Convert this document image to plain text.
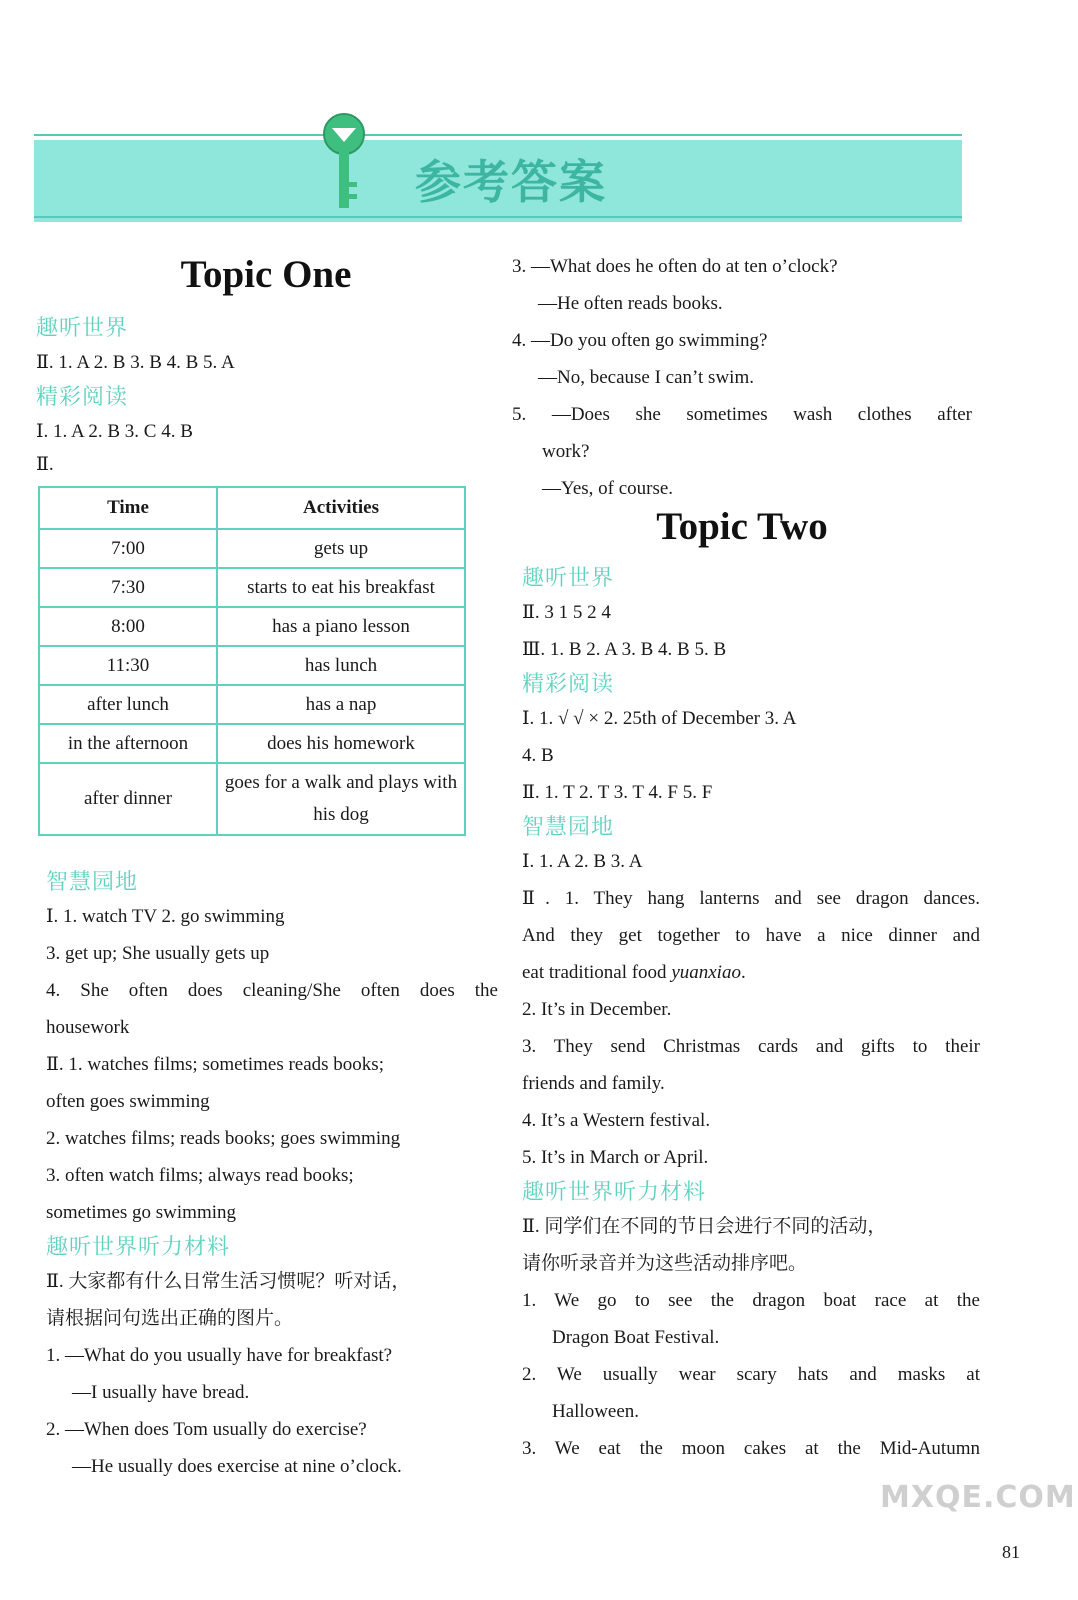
参考答案

Topic One

趣听世界

Ⅱ. 1. A 2. B 3. B 4. B 5. A

精彩阅读

Ⅰ. 1. A 2. B 3. C 4. B

Ⅱ.

Time	Activities
7:00	gets up
7:30	starts to eat his breakfast
8:00	has a piano lesson
11:30	has lunch
after lunch	has a nap
in the afternoon	does his homework
after dinner	goes for a walk and plays with his dog

智慧园地

Ⅰ. 1. watch TV 2. go swimming

3. get up; She usually gets up

4. She often does cleaning/She often does the

housework

Ⅱ. 1. watches films; sometimes reads books;

often goes swimming

2. watches films; reads books; goes swimming

3. often watch films; always read books;

sometimes go swimming

趣听世界听力材料

Ⅱ. 大家都有什么日常生活习惯呢？听对话，

请根据问句选出正确的图片。

1. —What do you usually have for breakfast?

—I usually have bread.

2. —When does Tom usually do exercise?

—He usually does exercise at nine o’clock.

3. —What does he often do at ten o’clock?

—He often reads books.

4. —Do you often go swimming?

—No, because I can’t swim.

5. —Does she sometimes wash clothes after

work?

—Yes, of course.

Topic Two

趣听世界

Ⅱ. 3 1 5 2 4

Ⅲ. 1. B 2. A 3. B 4. B 5. B

精彩阅读

Ⅰ. 1. √ √ × 2. 25th of December 3. A

4. B

Ⅱ. 1. T 2. T 3. T 4. F 5. F

智慧园地

Ⅰ. 1. A 2. B 3. A

Ⅱ. 1. They hang lanterns and see dragon dances.

And they get together to have a nice dinner and

eat traditional food yuanxiao.

2. It’s in December.

3. They send Christmas cards and gifts to their

friends and family.

4. It’s a Western festival.

5. It’s in March or April.

趣听世界听力材料

Ⅱ. 同学们在不同的节日会进行不同的活动，

请你听录音并为这些活动排序吧。

1. We go to see the dragon boat race at the

Dragon Boat Festival.

2. We usually wear scary hats and masks at

Halloween.

3. We eat the moon cakes at the Mid-Autumn

MXQE.COM
81
